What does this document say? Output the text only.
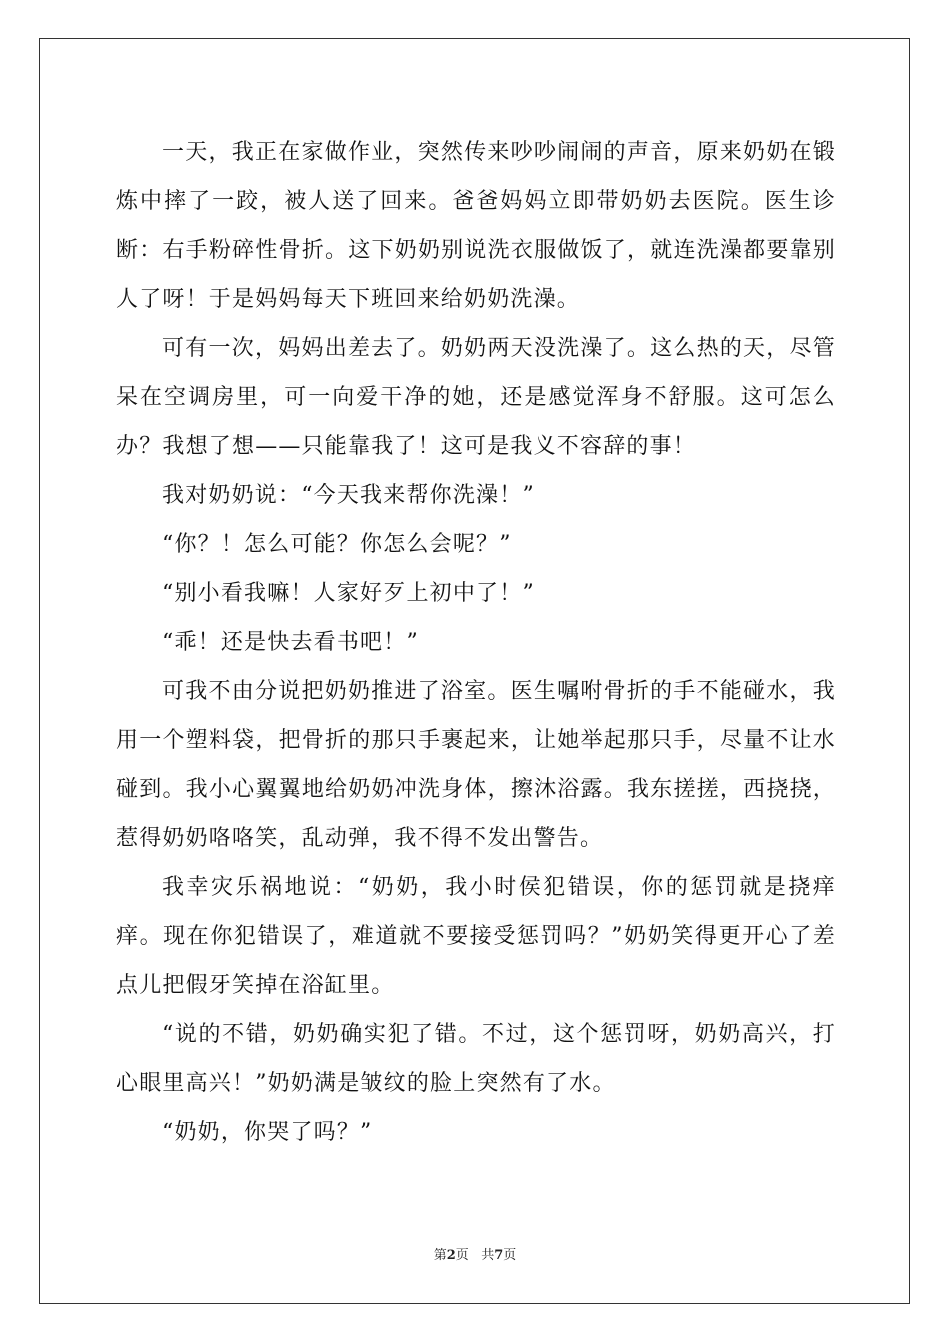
一天，我正在家做作业，突然传来吵吵闹闹的声音，原来奶奶在锻炼中摔了一跤，被人送了回来。爸爸妈妈立即带奶奶去医院。医生诊断：右手粉碎性骨折。这下奶奶别说洗衣服做饭了，就连洗澡都要靠别人了呀！于是妈妈每天下班回来给奶奶洗澡。

可有一次，妈妈出差去了。奶奶两天没洗澡了。这么热的天，尽管呆在空调房里，可一向爱干净的她，还是感觉浑身不舒服。这可怎么办？我想了想——只能靠我了！这可是我义不容辞的事！

我对奶奶说：“今天我来帮你洗澡！”

“你？！怎么可能？你怎么会呢？”

“别小看我嘛！人家好歹上初中了！”

“乖！还是快去看书吧！”

可我不由分说把奶奶推进了浴室。医生嘱咐骨折的手不能碰水，我用一个塑料袋，把骨折的那只手裹起来，让她举起那只手，尽量不让水碰到。我小心翼翼地给奶奶冲洗身体，擦沐浴露。我东搓搓，西挠挠，惹得奶奶咯咯笑，乱动弹，我不得不发出警告。

我幸灾乐祸地说：“奶奶，我小时侯犯错误，你的惩罚就是挠痒痒。现在你犯错误了，难道就不要接受惩罚吗？”奶奶笑得更开心了差点儿把假牙笑掉在浴缸里。

“说的不错，奶奶确实犯了错。不过，这个惩罚呀，奶奶高兴，打心眼里高兴！”奶奶满是皱纹的脸上突然有了水。

“奶奶，你哭了吗？”

第2页 共7页
